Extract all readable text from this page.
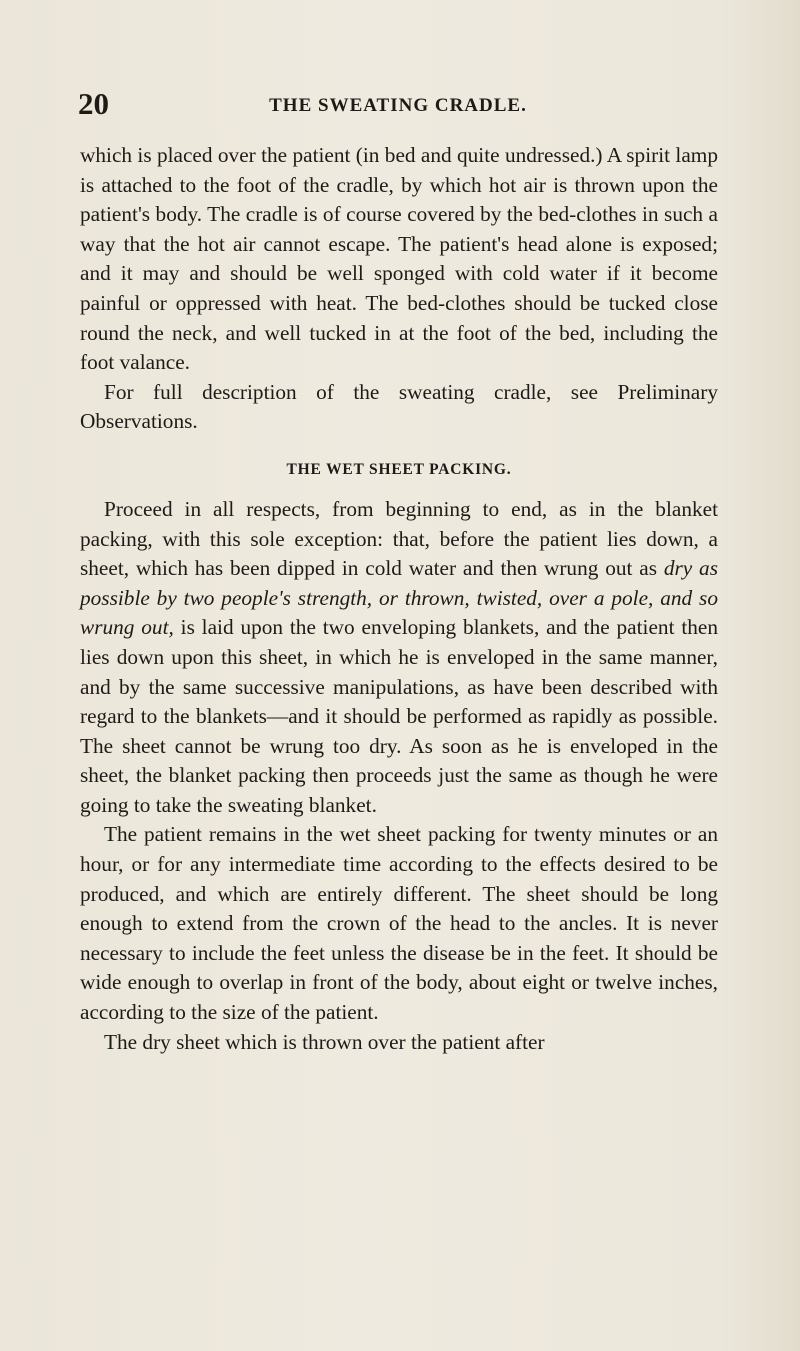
20	THE SWEATING CRADLE.

which is placed over the patient (in bed and quite undressed.) A spirit lamp is attached to the foot of the cradle, by which hot air is thrown upon the patient's body. The cradle is of course covered by the bed-clothes in such a way that the hot air cannot escape. The patient's head alone is exposed; and it may and should be well sponged with cold water if it become painful or oppressed with heat. The bed-clothes should be tucked close round the neck, and well tucked in at the foot of the bed, including the foot valance.

For full description of the sweating cradle, see Preliminary Observations.

THE WET SHEET PACKING.

Proceed in all respects, from beginning to end, as in the blanket packing, with this sole exception: that, before the patient lies down, a sheet, which has been dipped in cold water and then wrung out as dry as possible by two people's strength, or thrown, twisted, over a pole, and so wrung out, is laid upon the two enveloping blankets, and the patient then lies down upon this sheet, in which he is enveloped in the same manner, and by the same successive manipulations, as have been described with regard to the blankets—and it should be performed as rapidly as possible. The sheet cannot be wrung too dry. As soon as he is enveloped in the sheet, the blanket packing then proceeds just the same as though he were going to take the sweating blanket.

The patient remains in the wet sheet packing for twenty minutes or an hour, or for any intermediate time according to the effects desired to be produced, and which are entirely different. The sheet should be long enough to extend from the crown of the head to the ancles. It is never necessary to include the feet unless the disease be in the feet. It should be wide enough to overlap in front of the body, about eight or twelve inches, according to the size of the patient.

The dry sheet which is thrown over the patient after
